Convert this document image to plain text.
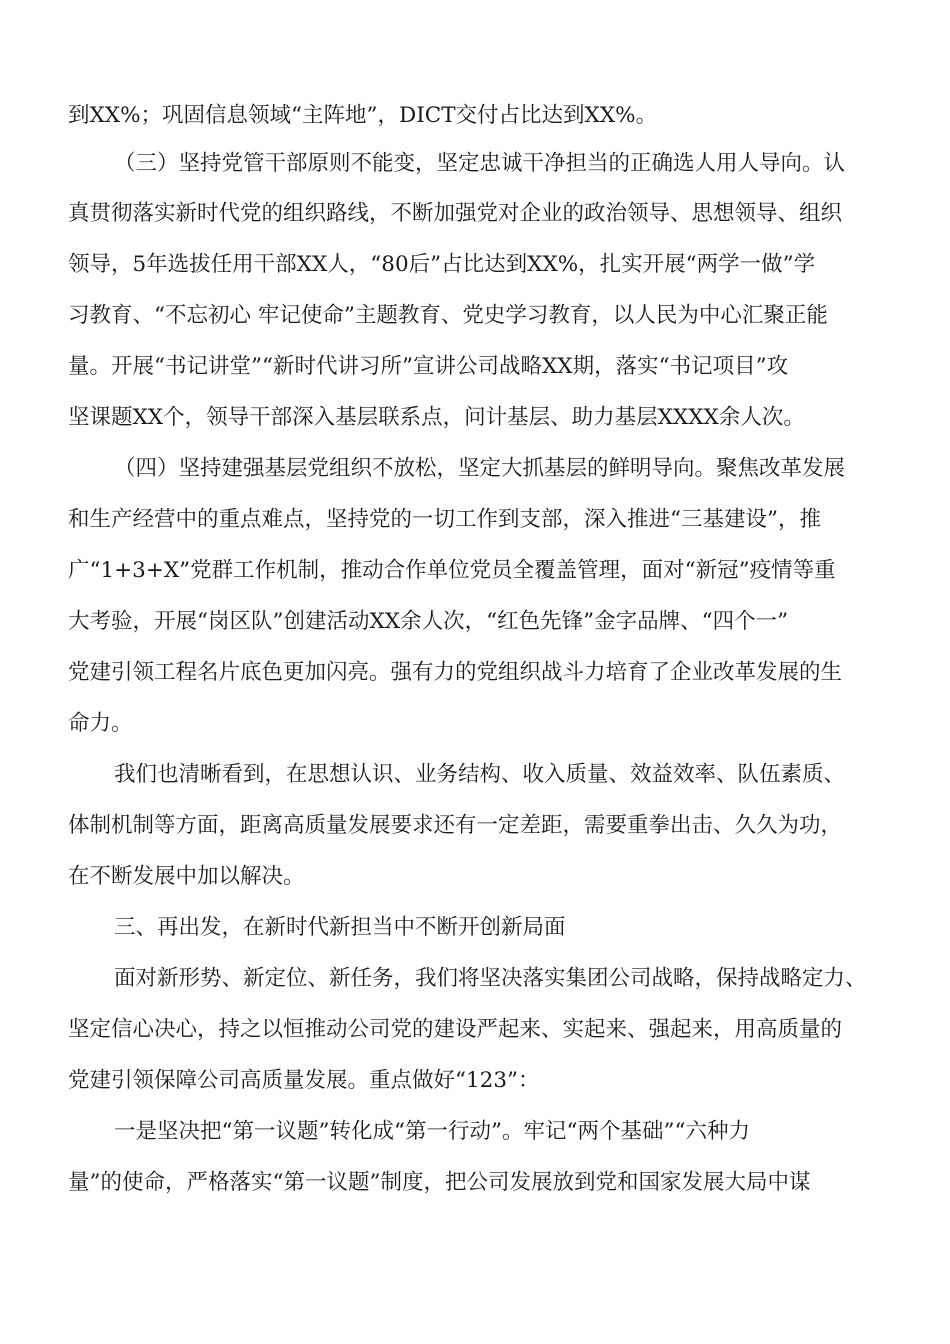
到XX%；巩固信息领域“主阵地”，DICT交付占比达到XX%。
（三）坚持党管干部原则不能变，坚定忠诚干净担当的正确选人用人导向。认
真贯彻落实新时代党的组织路线，不断加强党对企业的政治领导、思想领导、组织
领导，5年选拔任用干部XX人，“80后”占比达到XX%，扎实开展“两学一做”学
习教育、“不忘初心 牢记使命”主题教育、党史学习教育，以人民为中心汇聚正能
量。开展“书记讲堂”“新时代讲习所”宣讲公司战略XX期，落实“书记项目”攻
坚课题XX个，领导干部深入基层联系点，问计基层、助力基层XXXX余人次。
（四）坚持建强基层党组织不放松，坚定大抓基层的鲜明导向。聚焦改革发展
和生产经营中的重点难点，坚持党的一切工作到支部，深入推进“三基建设”，推
广“1+3+X”党群工作机制，推动合作单位党员全覆盖管理，面对“新冠”疫情等重
大考验，开展“岗区队”创建活动XX余人次，“红色先锋”金字品牌、“四个一”
党建引领工程名片底色更加闪亮。强有力的党组织战斗力培育了企业改革发展的生
命力。
我们也清晰看到，在思想认识、业务结构、收入质量、效益效率、队伍素质、
体制机制等方面，距离高质量发展要求还有一定差距，需要重拳出击、久久为功，
在不断发展中加以解决。
三、再出发，在新时代新担当中不断开创新局面
面对新形势、新定位、新任务，我们将坚决落实集团公司战略，保持战略定力、
坚定信心决心，持之以恒推动公司党的建设严起来、实起来、强起来，用高质量的
党建引领保障公司高质量发展。重点做好“123”：
一是坚决把“第一议题”转化成“第一行动”。牢记“两个基础”“六种力
量”的使命，严格落实“第一议题”制度，把公司发展放到党和国家发展大局中谋
